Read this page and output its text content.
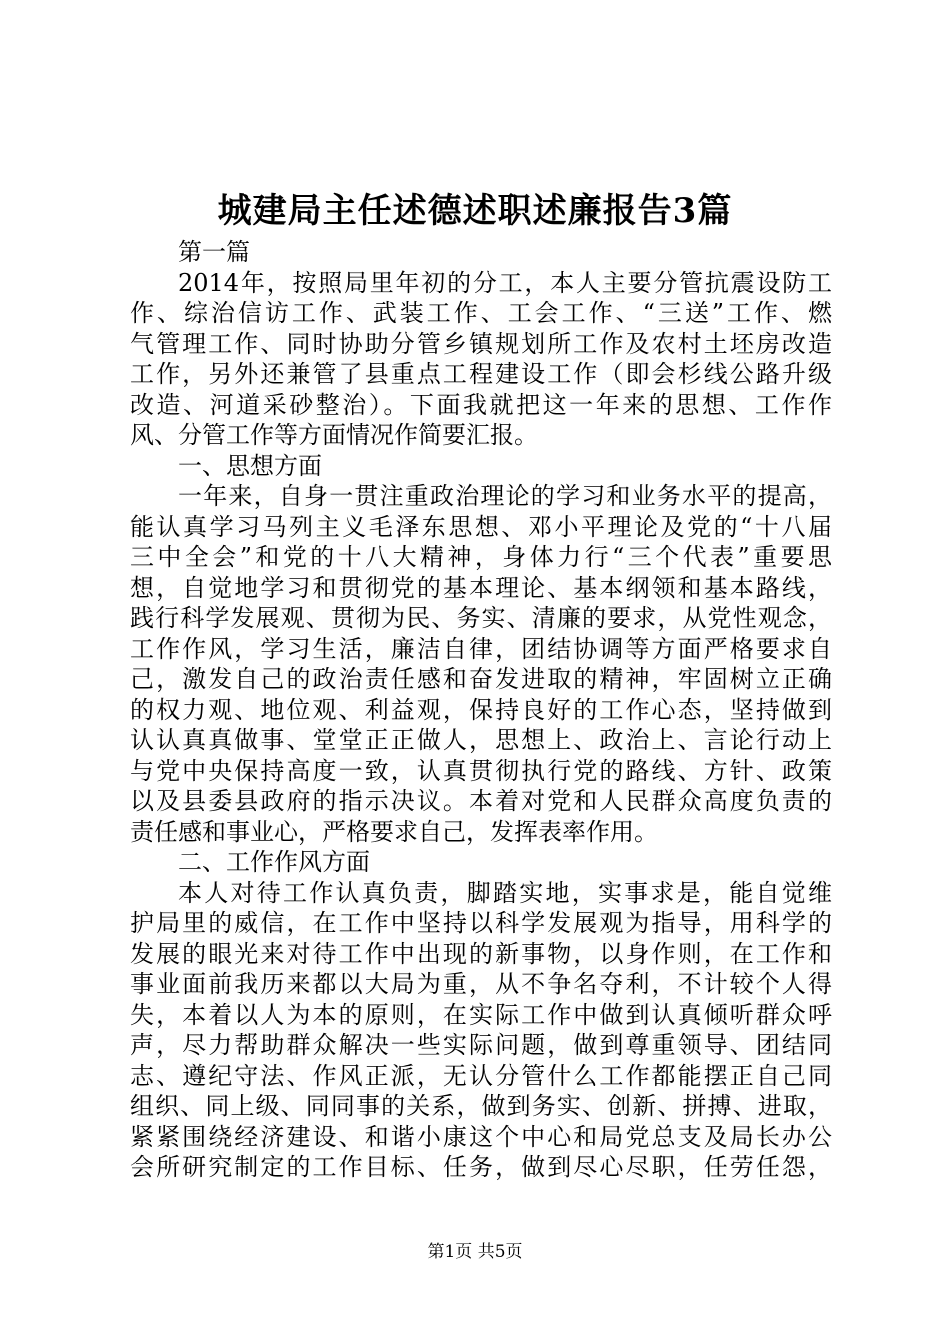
城建局主任述德述职述廉报告3篇
第一篇
2014年，按照局里年初的分工，本人主要分管抗震设防工
作、综治信访工作、武装工作、工会工作、“三送”工作、燃
气管理工作、同时协助分管乡镇规划所工作及农村土坯房改造
工作，另外还兼管了县重点工程建设工作（即会杉线公路升级
改造、河道采砂整治）。下面我就把这一年来的思想、工作作
风、分管工作等方面情况作简要汇报。
一、思想方面
一年来，自身一贯注重政治理论的学习和业务水平的提高，
能认真学习马列主义毛泽东思想、邓小平理论及党的“十八届
三中全会”和党的十八大精神，身体力行“三个代表”重要思
想，自觉地学习和贯彻党的基本理论、基本纲领和基本路线，
践行科学发展观、贯彻为民、务实、清廉的要求，从党性观念，
工作作风，学习生活，廉洁自律，团结协调等方面严格要求自
己，激发自己的政治责任感和奋发进取的精神，牢固树立正确
的权力观、地位观、利益观，保持良好的工作心态，坚持做到
认认真真做事、堂堂正正做人，思想上、政治上、言论行动上
与党中央保持高度一致，认真贯彻执行党的路线、方针、政策
以及县委县政府的指示决议。本着对党和人民群众高度负责的
责任感和事业心，严格要求自己，发挥表率作用。
二、工作作风方面
本人对待工作认真负责，脚踏实地，实事求是，能自觉维
护局里的威信，在工作中坚持以科学发展观为指导，用科学的
发展的眼光来对待工作中出现的新事物，以身作则，在工作和
事业面前我历来都以大局为重，从不争名夺利，不计较个人得
失，本着以人为本的原则，在实际工作中做到认真倾听群众呼
声，尽力帮助群众解决一些实际问题，做到尊重领导、团结同
志、遵纪守法、作风正派，无认分管什么工作都能摆正自己同
组织、同上级、同同事的关系，做到务实、创新、拼搏、进取，
紧紧围绕经济建设、和谐小康这个中心和局党总支及局长办公
会所研究制定的工作目标、任务，做到尽心尽职，任劳任怨，
第1页 共5页
